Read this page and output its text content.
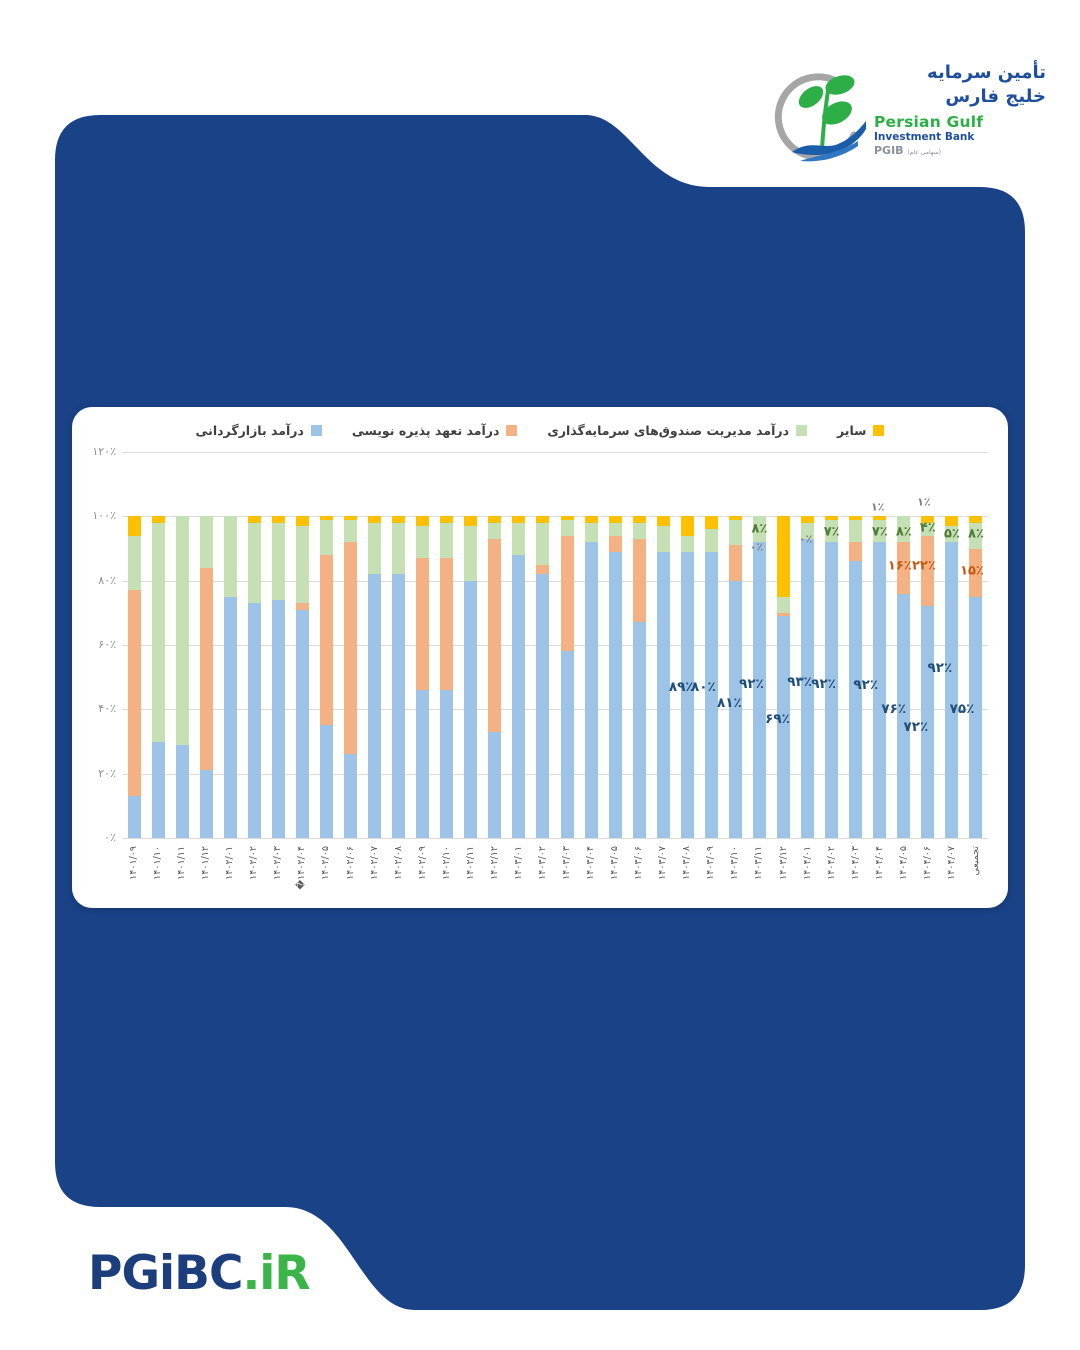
تأمین سرمایه
خلیج فارس
Persian Gulf
Investment Bank
PGIB (سهامی عام)
سایر
درآمد مدیریت صندوق‌های سرمایه‌گذاری
درآمد تعهد پذیره نویسی
درآمد بازارگردانی
۱۲۰٪
۱۰۰٪
۸۰٪
۶۰٪
۴۰٪
۲۰٪
۰٪
۱۴۰۱/۰۹ ۱۴۰۱/۱۰ ۱۴۰۱/۱۱ ۱۴۰۱/۱۲ ۱۴۰۲/۰۱ ۱۴۰۲/۰۲ ۱۴۰۲/۰۳ �۱۴۰۲/۰۴ ۱۴۰۲/۰۵ ۱۴۰۲/۰۶ ۱۴۰۲/۰۷ ۱۴۰۲/۰۸ ۱۴۰۲/۰۹ ۱۴۰۲/۱۰ ۱۴۰۲/۱۱ ۱۴۰۲/۱۲ ۱۴۰۳/۰۱ ۱۴۰۳/۰۲ ۱۴۰۳/۰۳ ۱۴۰۳/۰۴ ۱۴۰۳/۰۵ ۱۴۰۳/۰۶ ۱۴۰۳/۰۷ ۱۴۰۳/۰۸ ۱۴۰۳/۰۹ ۱۴۰۳/۱۰ ۱۴۰۳/۱۱ ۱۴۰۳/۱۲ ۱۴۰۴/۰۱ ۱۴۰۴/۰۲ ۱۴۰۴/۰۳ ۱۴۰۴/۰۴ ۱۴۰۴/۰۵ ۱۴۰۴/۰۶ ۱۴۰۴/۰۷ تجمیعی
۸۹٪
۸۰٪
۸۱٪
۹۲٪
۶۹٪
۹۳٪ ۹۲٪ ۹۲٪
۷۶٪
۷۲٪
۹۲٪
۷۵٪
۸٪
۰٪
۰٪ ۷٪ ۷٪
۱٪
۸٪
۱۶٪
۴٪
۲۲٪
۱٪
۵٪ ۸٪
۱۵٪
PGiBC.iR
